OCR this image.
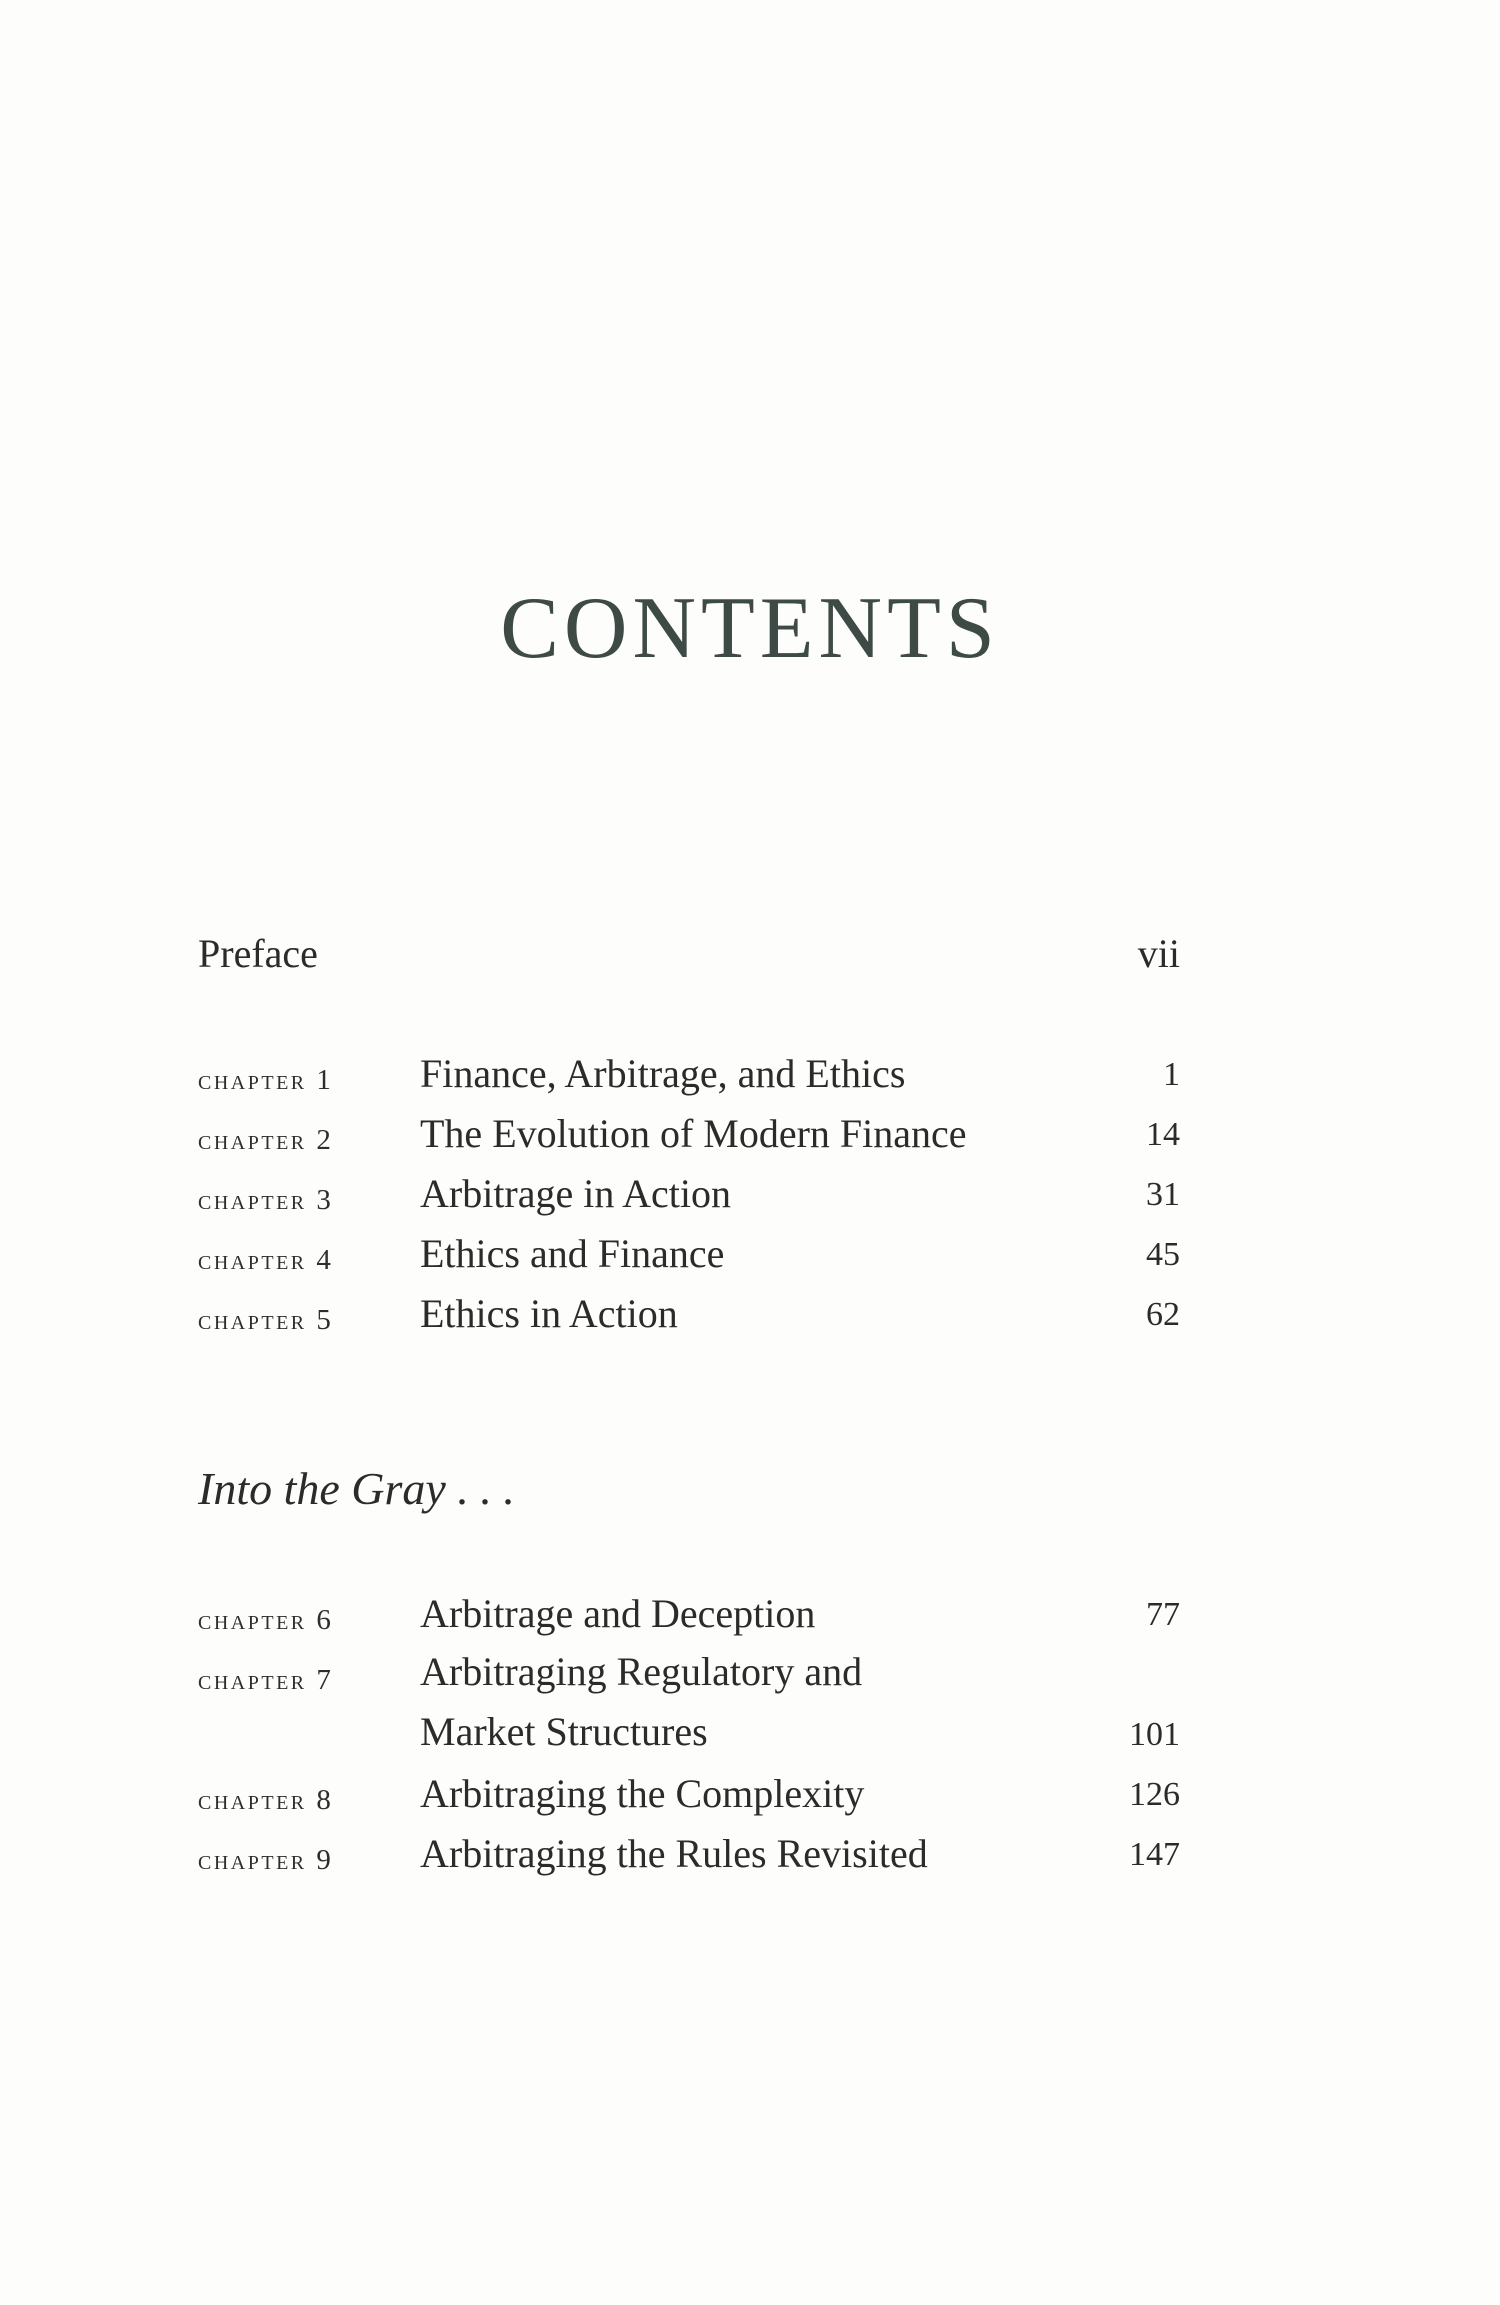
CONTENTS
Preface	vii
chapter 1 Finance, Arbitrage, and Ethics	1
chapter 2 The Evolution of Modern Finance	14
chapter 3 Arbitrage in Action	31
chapter 4 Ethics and Finance	45
chapter 5 Ethics in Action	62
Into the Gray . . .
chapter 6 Arbitrage and Deception	77
chapter 7 Arbitraging Regulatory and
Market Structures	101
chapter 8 Arbitraging the Complexity	126
chapter 9 Arbitraging the Rules Revisited	147
